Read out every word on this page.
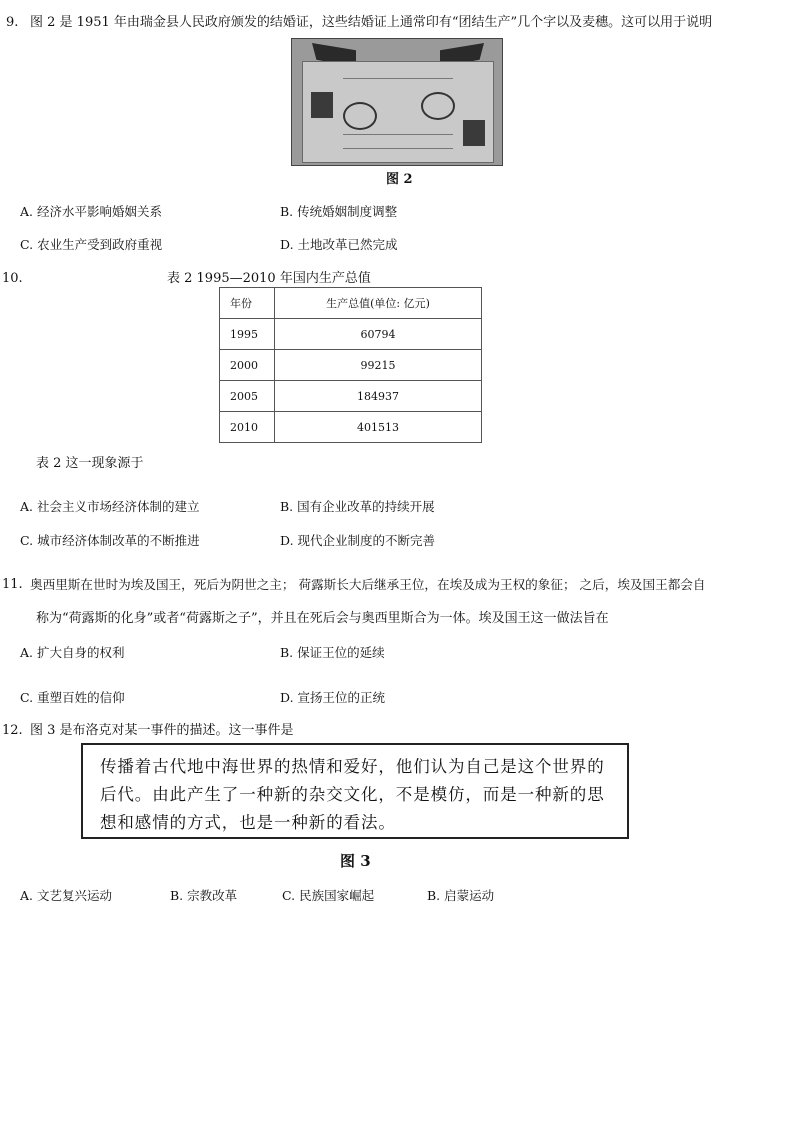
9. 图 2 是 1951 年由瑞金县人民政府颁发的结婚证，这些结婚证上通常印有“团结生产”几个字以及麦穗。这可以用于说明
图 2
A. 经济水平影响婚姻关系	B. 传统婚姻制度调整
C. 农业生产受到政府重视	D. 土地改革已然完成
10.	表 2 1995—2010 年国内生产总值
年份	生产总值(单位: 亿元)
1995	60794
2000	99215
2005	184937
2010	401513
表 2 这一现象源于
A. 社会主义市场经济体制的建立	B. 国有企业改革的持续开展
C. 城市经济体制改革的不断推进	D. 现代企业制度的不断完善
11. 奥西里斯在世时为埃及国王，死后为阴世之主； 荷露斯长大后继承王位，在埃及成为王权的象征； 之后，埃及国王都会自
称为“荷露斯的化身”或者“荷露斯之子”，并且在死后会与奥西里斯合为一体。埃及国王这一做法旨在
A. 扩大自身的权利	B. 保证王位的延续
C. 重塑百姓的信仰	D. 宣扬王位的正统
12. 图 3 是布洛克对某一事件的描述。这一事件是
传播着古代地中海世界的热情和爱好，他们认为自己是这个世界的后代。由此产生了一种新的杂交文化，不是模仿，而是一种新的思想和感情的方式，也是一种新的看法。
图 3
A. 文艺复兴运动	B. 宗教改革	C. 民族国家崛起	B. 启蒙运动
